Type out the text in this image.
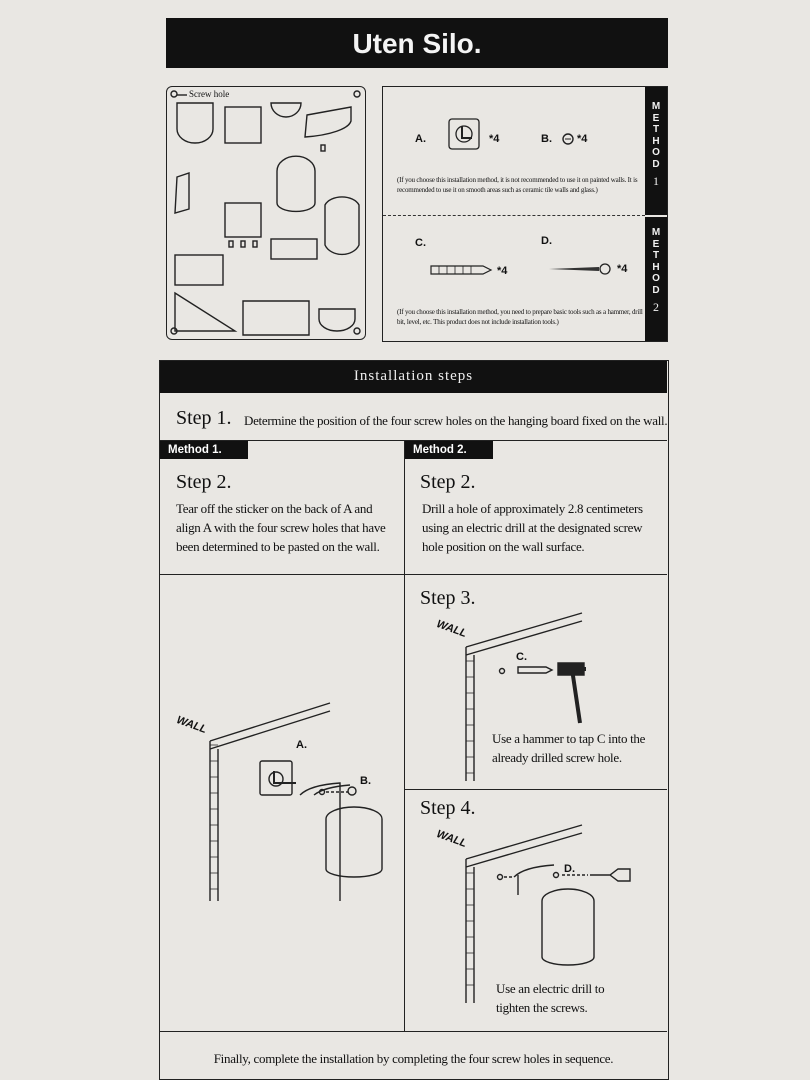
Uten Silo.
Screw hole
M
E
T
H
O
D
1
M
E
T
H
O
D
2
A.	*4	B. *4
(If you choose this installation method, it is not recommended to use it on painted walls. It is recommended to use it on smooth areas such as ceramic tile walls and glass.)
C.
*4
D.
*4
(If you choose this installation method, you need to prepare basic tools such as a hammer, drill bit, level, etc. This product does not include installation tools.)
Installation steps
Step 1. Determine the position of the four screw holes on the hanging board fixed on the wall.
Method 1.	Method 2.
Step 2.
Tear off the sticker on the back of A and align A with the four screw holes that have been determined to be pasted on the wall.
Step 2.
Drill a hole of approximately 2.8 centimeters using an electric drill at the designated screw hole position on the wall surface.
WALL
A.
B.
Step 3.
WALL
C.
Use a hammer to tap C into the already drilled screw hole.
Step 4.
WALL
D.
Use an electric drill to tighten the screws.
Finally, complete the installation by completing the four screw holes in sequence.
